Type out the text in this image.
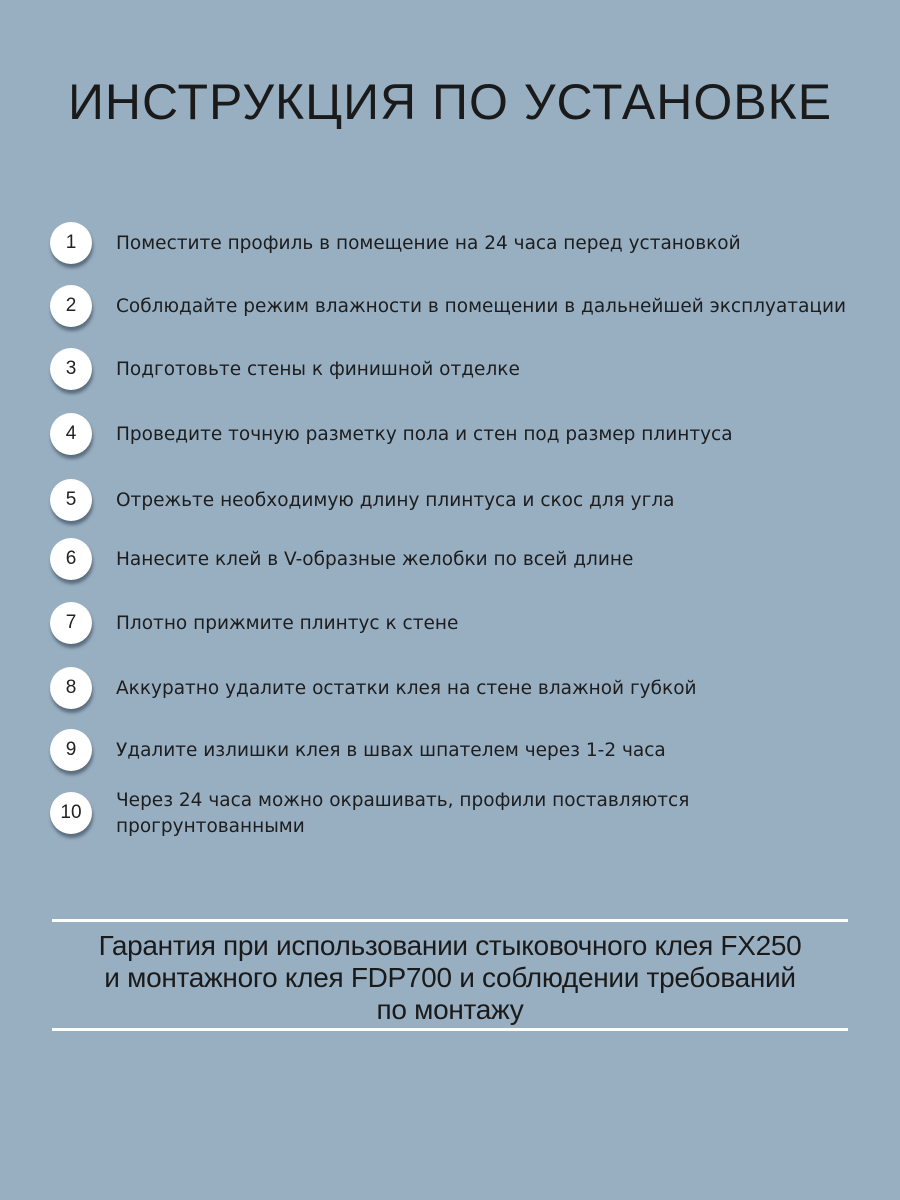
ИНСТРУКЦИЯ ПО УСТАНОВКЕ
1	Поместите профиль в помещение на 24 часа перед установкой
2	Соблюдайте режим влажности в помещении в дальнейшей эксплуатации
3	Подготовьте стены к финишной отделке
4	Проведите точную разметку пола и стен под размер плинтуса
5	Отрежьте необходимую длину плинтуса и скос для угла
6	Нанесите клей в V-образные желобки по всей длине
7	Плотно прижмите плинтус к стене
8	Аккуратно удалите остатки клея на стене влажной губкой
9	Удалите излишки клея в швах шпателем через 1-2 часа
10
Через 24 часа можно окрашивать, профили поставляются прогрунтованными
Гарантия при использовании стыковочного клея FX250
и монтажного клея FDP700 и соблюдении требований
по монтажу
